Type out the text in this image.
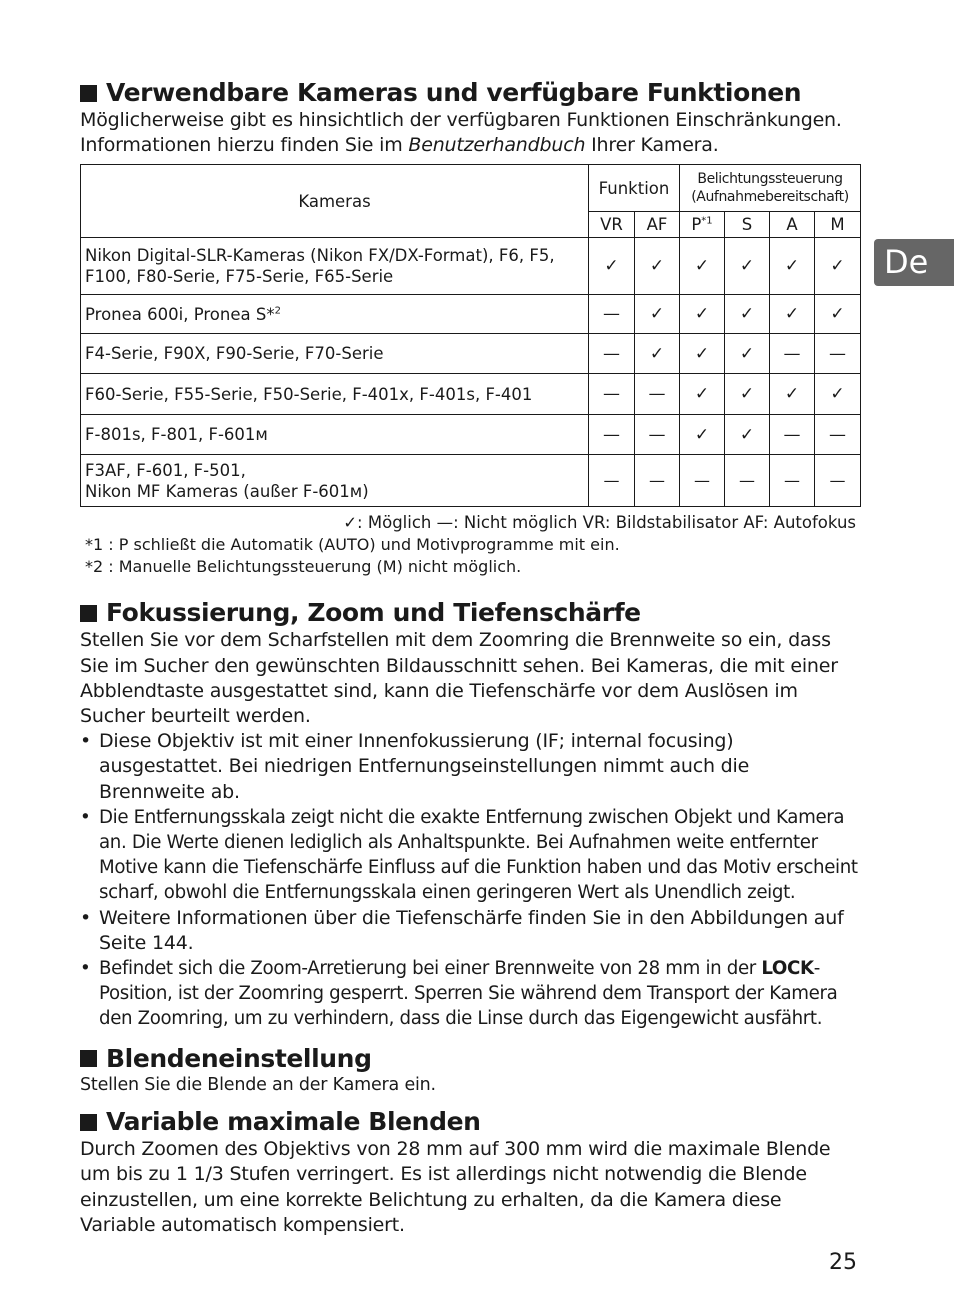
De
Verwendbare Kameras und verfügbare Funktionen

Möglicherweise gibt es hinsichtlich der verfügbaren Funktionen Einschränkungen.
Informationen hierzu finden Sie im Benutzerhandbuch Ihrer Kamera.

Kameras	Funktion		Belichtungssteuerung
(Aufnahmebereitschaft)			
	VR	AF	$P^{*1}$	S	A	M
Nikon Digital-SLR-Kameras (Nikon FX/DX-Format), F6, F5,
F100, F80-Serie, F75-Serie, F65-Serie	✓	✓	✓	✓	✓	✓
Pronea 600i, Pronea S*$^2$	—	✓	✓	✓	✓	✓
F4-Serie, F90X, F90-Serie, F70-Serie	—	✓	✓	✓	—	—
F60-Serie, F55-Serie, F50-Serie, F-401x, F-401s, F-401	—	—	✓	✓	✓	✓
F-801s, F-801, F-601м	—	—	✓	✓	—	—
F3AF, F-601, F-501,
Nikon MF Kameras (außer F-601м)	—	—	—	—	—	—
✓: Möglich —: Nicht möglich VR: Bildstabilisator AF: Autofokus
*1 : P schließt die Automatik (AUTO) und Motivprogramme mit ein.
*2 : Manuelle Belichtungssteuerung (M) nicht möglich.
Fokussierung, Zoom und Tiefenschärfe

Stellen Sie vor dem Scharfstellen mit dem Zoomring die Brennweite so ein, dass Sie im Sucher den gewünschten Bildausschnitt sehen. Bei Kameras, die mit einer Abblendtaste ausgestattet sind, kann die Tiefenschärfe vor dem Auslösen im Sucher beurteilt werden.

• Diese Objektiv ist mit einer Innenfokussierung (IF; internal focusing) ausgestattet. Bei niedrigen Entfernungseinstellungen nimmt auch die Brennweite ab.
• Die Entfernungsskala zeigt nicht die exakte Entfernung zwischen Objekt und Kamera an. Die Werte dienen lediglich als Anhaltspunkte. Bei Aufnahmen weite entfernter Motive kann die Tiefenschärfe Einfluss auf die Funktion haben und das Motiv erscheint scharf, obwohl die Entfernungsskala einen geringeren Wert als Unendlich zeigt.
• Weitere Informationen über die Tiefenschärfe finden Sie in den Abbildungen auf Seite 144.
• Befindet sich die Zoom-Arretierung bei einer Brennweite von 28 mm in der LOCK-Position, ist der Zoomring gesperrt. Sperren Sie während dem Transport der Kamera den Zoomring, um zu verhindern, dass die Linse durch das Eigengewicht ausfährt.
Blendeneinstellung

Stellen Sie die Blende an der Kamera ein.

Variable maximale Blenden

Durch Zoomen des Objektivs von 28 mm auf 300 mm wird die maximale Blende um bis zu 1 1/3 Stufen verringert. Es ist allerdings nicht notwendig die Blende einzustellen, um eine korrekte Belichtung zu erhalten, da die Kamera diese Variable automatisch kompensiert.

25
